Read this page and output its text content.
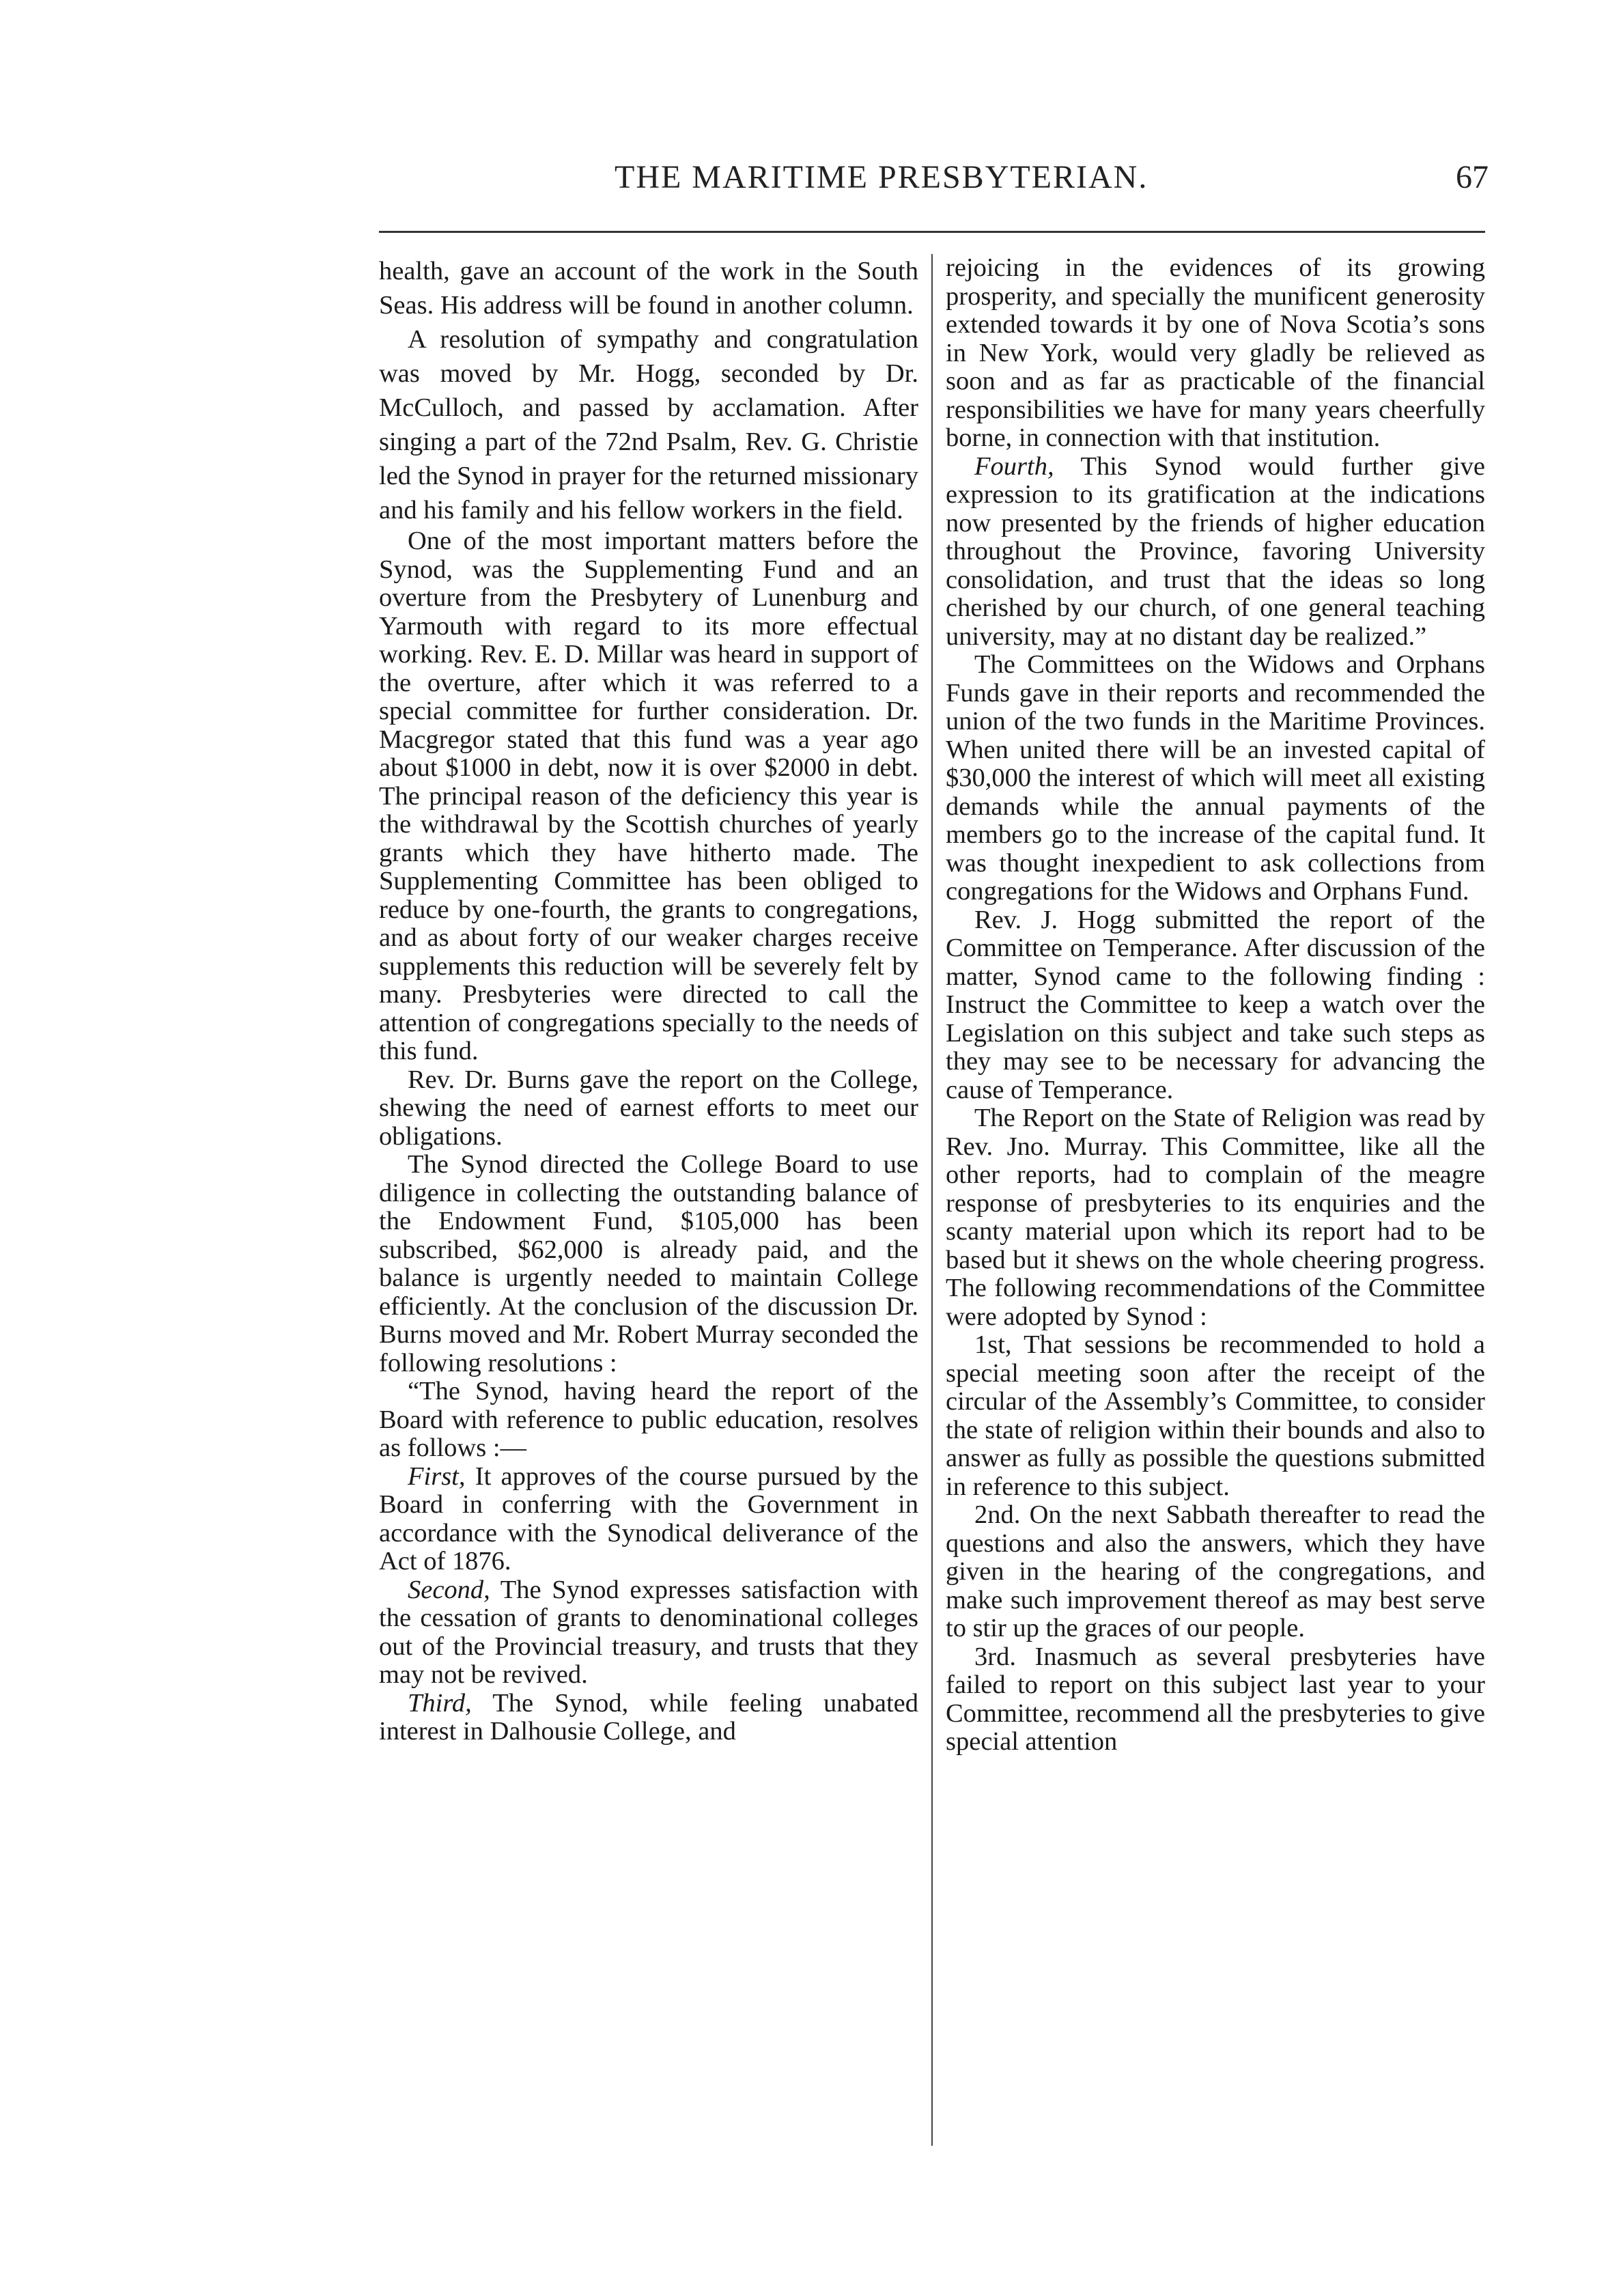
THE MARITIME PRESBYTERIAN.	67

health, gave an account of the work in the South Seas. His address will be found in another column.

A resolution of sympathy and congratulation was moved by Mr. Hogg, seconded by Dr. McCulloch, and passed by acclamation. After singing a part of the 72nd Psalm, Rev. G. Christie led the Synod in prayer for the returned missionary and his family and his fellow workers in the field.

One of the most important matters before the Synod, was the Supplementing Fund and an overture from the Presbytery of Lunenburg and Yarmouth with regard to its more effectual working. Rev. E. D. Millar was heard in support of the overture, after which it was referred to a special committee for further consideration. Dr. Macgregor stated that this fund was a year ago about $1000 in debt, now it is over $2000 in debt. The principal reason of the deficiency this year is the withdrawal by the Scottish churches of yearly grants which they have hitherto made. The Supplementing Committee has been obliged to reduce by one-fourth, the grants to congregations, and as about forty of our weaker charges receive supplements this reduction will be severely felt by many. Presbyteries were directed to call the attention of congregations specially to the needs of this fund.

Rev. Dr. Burns gave the report on the College, shewing the need of earnest efforts to meet our obligations.

The Synod directed the College Board to use diligence in collecting the outstanding balance of the Endowment Fund, $105,000 has been subscribed, $62,000 is already paid, and the balance is urgently needed to maintain College efficiently. At the conclusion of the discussion Dr. Burns moved and Mr. Robert Murray seconded the following resolutions :

“The Synod, having heard the report of the Board with reference to public education, resolves as follows :—

First, It approves of the course pursued by the Board in conferring with the Government in accordance with the Synodical deliverance of the Act of 1876.

Second, The Synod expresses satisfaction with the cessation of grants to denominational colleges out of the Provincial treasury, and trusts that they may not be revived.

Third, The Synod, while feeling unabated interest in Dalhousie College, and

rejoicing in the evidences of its growing prosperity, and specially the munificent generosity extended towards it by one of Nova Scotia’s sons in New York, would very gladly be relieved as soon and as far as practicable of the financial responsibilities we have for many years cheerfully borne, in connection with that institution.

Fourth, This Synod would further give expression to its gratification at the indications now presented by the friends of higher education throughout the Province, favoring University consolidation, and trust that the ideas so long cherished by our church, of one general teaching university, may at no distant day be realized.”

The Committees on the Widows and Orphans Funds gave in their reports and recommended the union of the two funds in the Maritime Provinces. When united there will be an invested capital of $30,000 the interest of which will meet all existing demands while the annual payments of the members go to the increase of the capital fund. It was thought inexpedient to ask collections from congregations for the Widows and Orphans Fund.

Rev. J. Hogg submitted the report of the Committee on Temperance. After discussion of the matter, Synod came to the following finding : Instruct the Committee to keep a watch over the Legislation on this subject and take such steps as they may see to be necessary for advancing the cause of Temperance.

The Report on the State of Religion was read by Rev. Jno. Murray. This Committee, like all the other reports, had to complain of the meagre response of presbyteries to its enquiries and the scanty material upon which its report had to be based but it shews on the whole cheering progress. The following recommendations of the Committee were adopted by Synod :

1st, That sessions be recommended to hold a special meeting soon after the receipt of the circular of the Assembly’s Committee, to consider the state of religion within their bounds and also to answer as fully as possible the questions submitted in reference to this subject.

2nd. On the next Sabbath thereafter to read the questions and also the answers, which they have given in the hearing of the congregations, and make such improvement thereof as may best serve to stir up the graces of our people.

3rd. Inasmuch as several presbyteries have failed to report on this subject last year to your Committee, recommend all the presbyteries to give special attention
